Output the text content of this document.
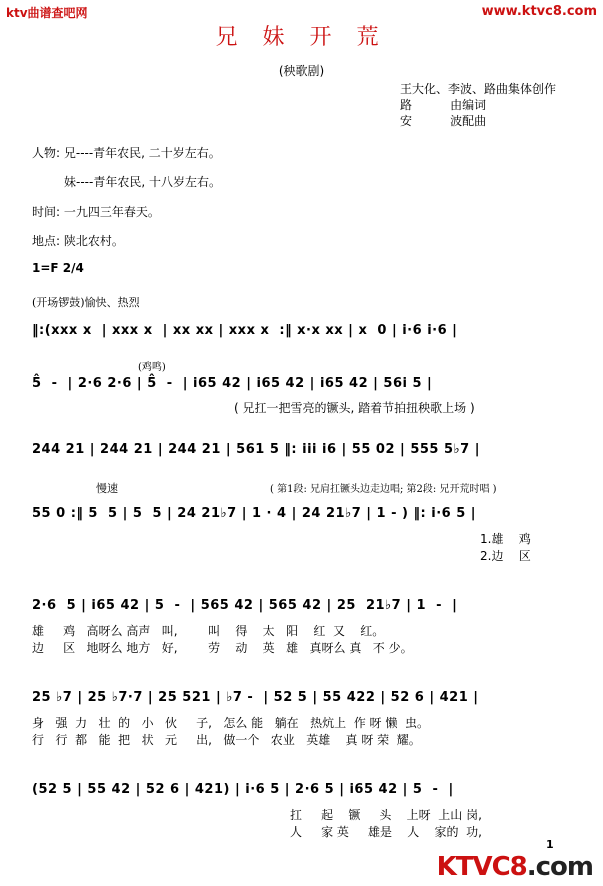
ktv曲谱查吧网	www.ktvc8.com
兄 妹 开 荒
(秧歌剧)
王大化、李波、路曲集体创作
路          由编词
安          波配曲
人物: 兄----青年农民, 二十岁左右。
妹----青年农民, 十八岁左右。
时间: 一九四三年春天。
地点: 陕北农村。
1=F 2/4
(开场锣鼓)愉快、热烈
‖:(xxx x  | xxx x  | xx xx | xxx x  :‖ x·x xx | x  0 | i·6 i·6 |
(鸡鸣)
5̂  -  | 2·6 2·6 | 5̂  -  | i65 42 | i65 42 | i65 42 | 56i 5 |
( 兄扛一把雪亮的镢头, 踏着节拍扭秧歌上场 )
244 21 | 244 21 | 244 21 | 561 5 ‖: iii i6 | 55 02 | 555 5♭7 |
慢速	( 第1段: 兄肩扛镢头边走边唱; 第2段: 兄开荒时唱 )
55 0 :‖ 5  5 | 5  5 | 24 21♭7 | 1 · 4 | 24 21♭7 | 1 - ) ‖: i·6 5 |
1.雄    鸡
2.边    区
2·6  5 | i65 42 | 5  -  | 565 42 | 565 42 | 25  21♭7 | 1  -  |
雄     鸡   高呀么 高声   叫,        叫    得    太   阳    红  又    红。
边     区   地呀么 地方   好,        劳    动    英   雄   真呀么 真   不 少。
25 ♭7 | 25 ♭7·7 | 25 521 | ♭7 -  | 52 5 | 55 422 | 52 6 | 421 |
身   强  力   壮  的   小   伙     子,   怎么 能   躺在   热炕上  作 呀 懒  虫。
行   行  都   能  把   状   元     出,   做一个   农业   英雄    真 呀 荣  耀。
(52 5 | 55 42 | 52 6 | 421) | i·6 5 | 2·6 5 | i65 42 | 5  -  |
扛     起    镢     头    上呀  上山 岗,
人     家 英     雄是    人    家的  功,
1
KTVC8.com
